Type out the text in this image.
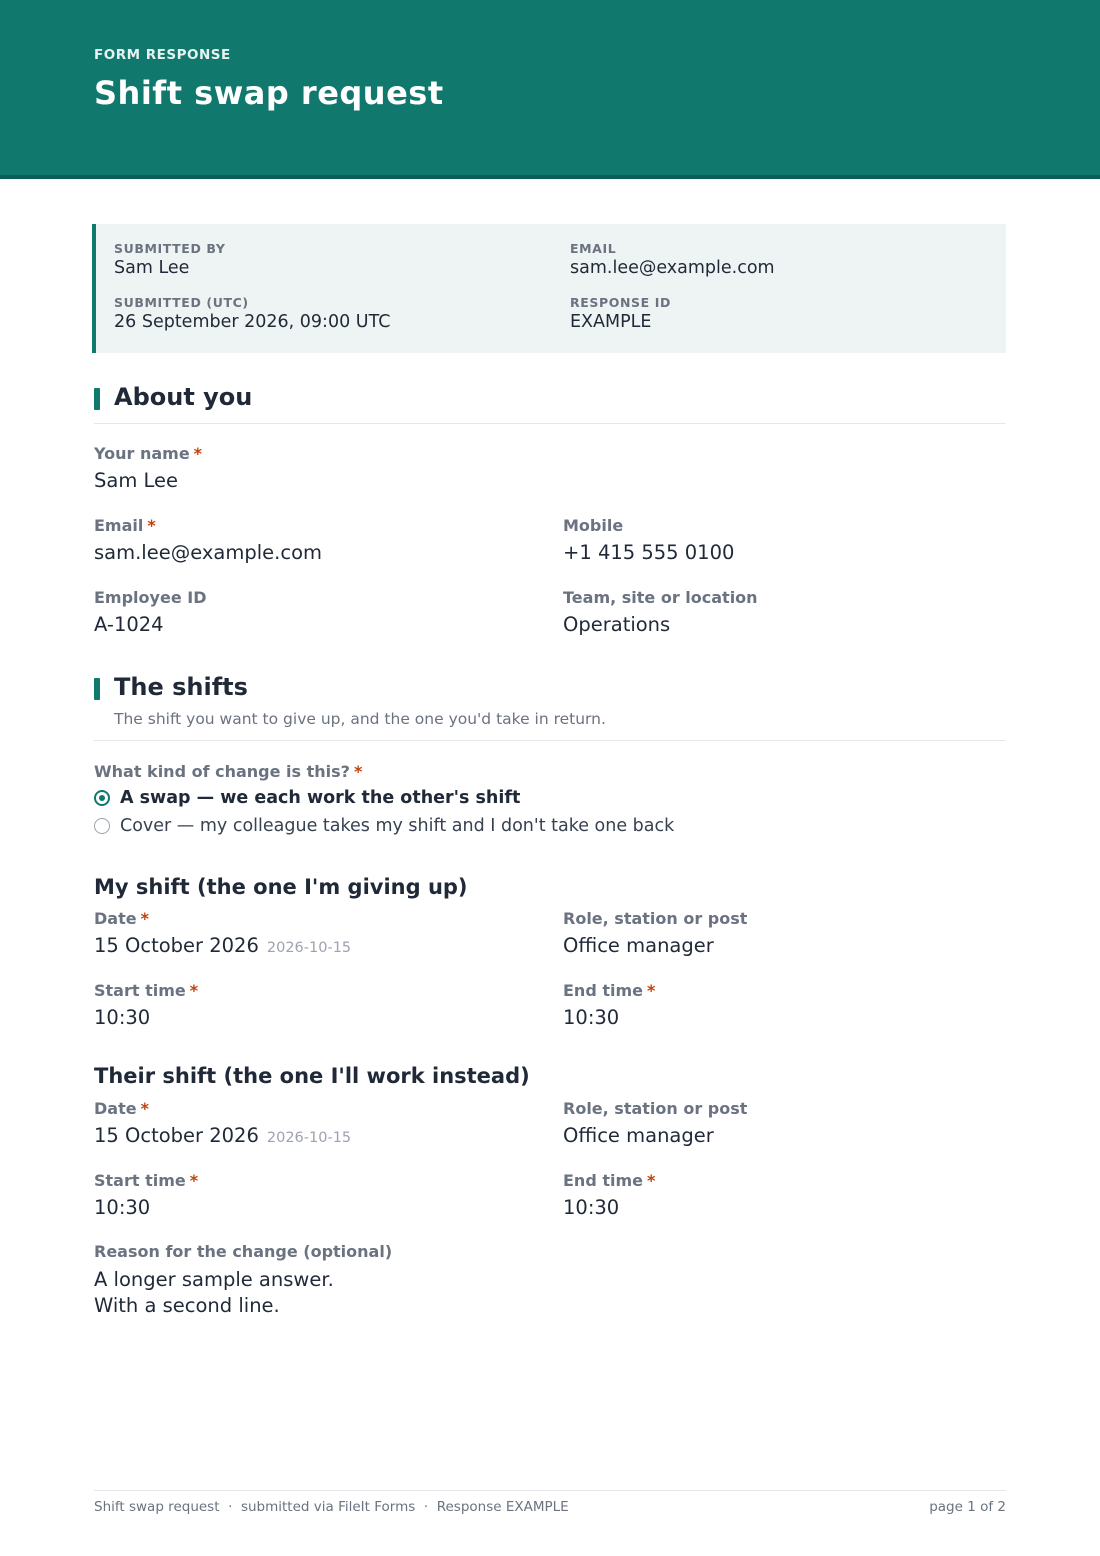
FORM RESPONSE
Shift swap request
SUBMITTED BY
Sam Lee
EMAIL
sam.lee@example.com
SUBMITTED (UTC)
26 September 2026, 09:00 UTC
RESPONSE ID
EXAMPLE
About you
Your name *
Sam Lee
Email *
sam.lee@example.com
Mobile
+1 415 555 0100
Employee ID
A-1024
Team, site or location
Operations
The shifts
The shift you want to give up, and the one you'd take in return.
What kind of change is this? *
A swap — we each work the other's shift
Cover — my colleague takes my shift and I don't take one back
My shift (the one I'm giving up)
Date *
15 October 2026 2026-10-15
Role, station or post
Office manager
Start time *
10:30
End time *
10:30
Their shift (the one I'll work instead)
Date *
15 October 2026 2026-10-15
Role, station or post
Office manager
Start time *
10:30
End time *
10:30
Reason for the change (optional)
A longer sample answer.
With a second line.
Shift swap request  ·  submitted via FileIt Forms  ·  Response EXAMPLE	page 1 of 2
